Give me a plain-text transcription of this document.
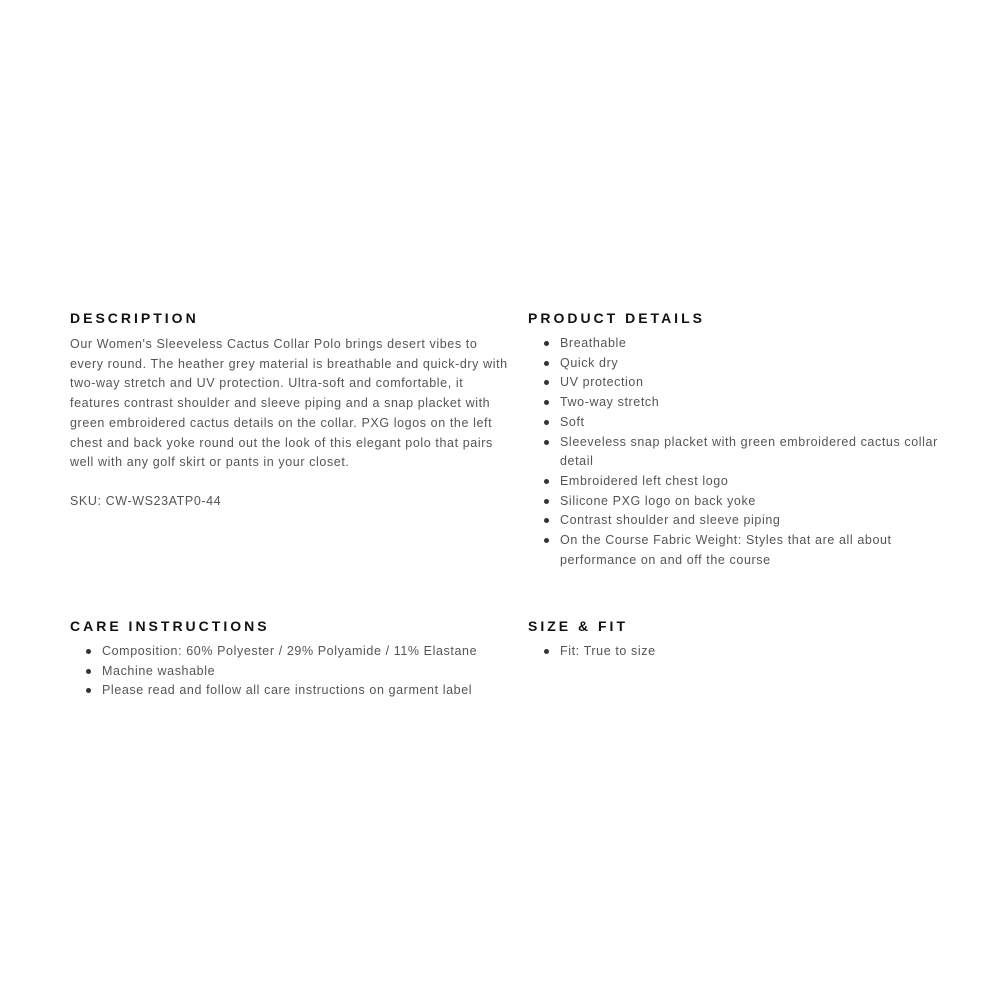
DESCRIPTION

Our Women's Sleeveless Cactus Collar Polo brings desert vibes to every round. The heather grey material is breathable and quick-dry with two-way stretch and UV protection. Ultra-soft and comfortable, it features contrast shoulder and sleeve piping and a snap placket with green embroidered cactus details on the collar. PXG logos on the left chest and back yoke round out the look of this elegant polo that pairs well with any golf skirt or pants in your closet.

SKU: CW-WS23ATP0-44

PRODUCT DETAILS
Breathable
Quick dry
UV protection
Two-way stretch
Soft
Sleeveless snap placket with green embroidered cactus collar detail
Embroidered left chest logo
Silicone PXG logo on back yoke
Contrast shoulder and sleeve piping
On the Course Fabric Weight: Styles that are all about performance on and off the course
CARE INSTRUCTIONS
Composition: 60% Polyester / 29% Polyamide / 11% Elastane
Machine washable
Please read and follow all care instructions on garment label
SIZE & FIT
Fit: True to size
